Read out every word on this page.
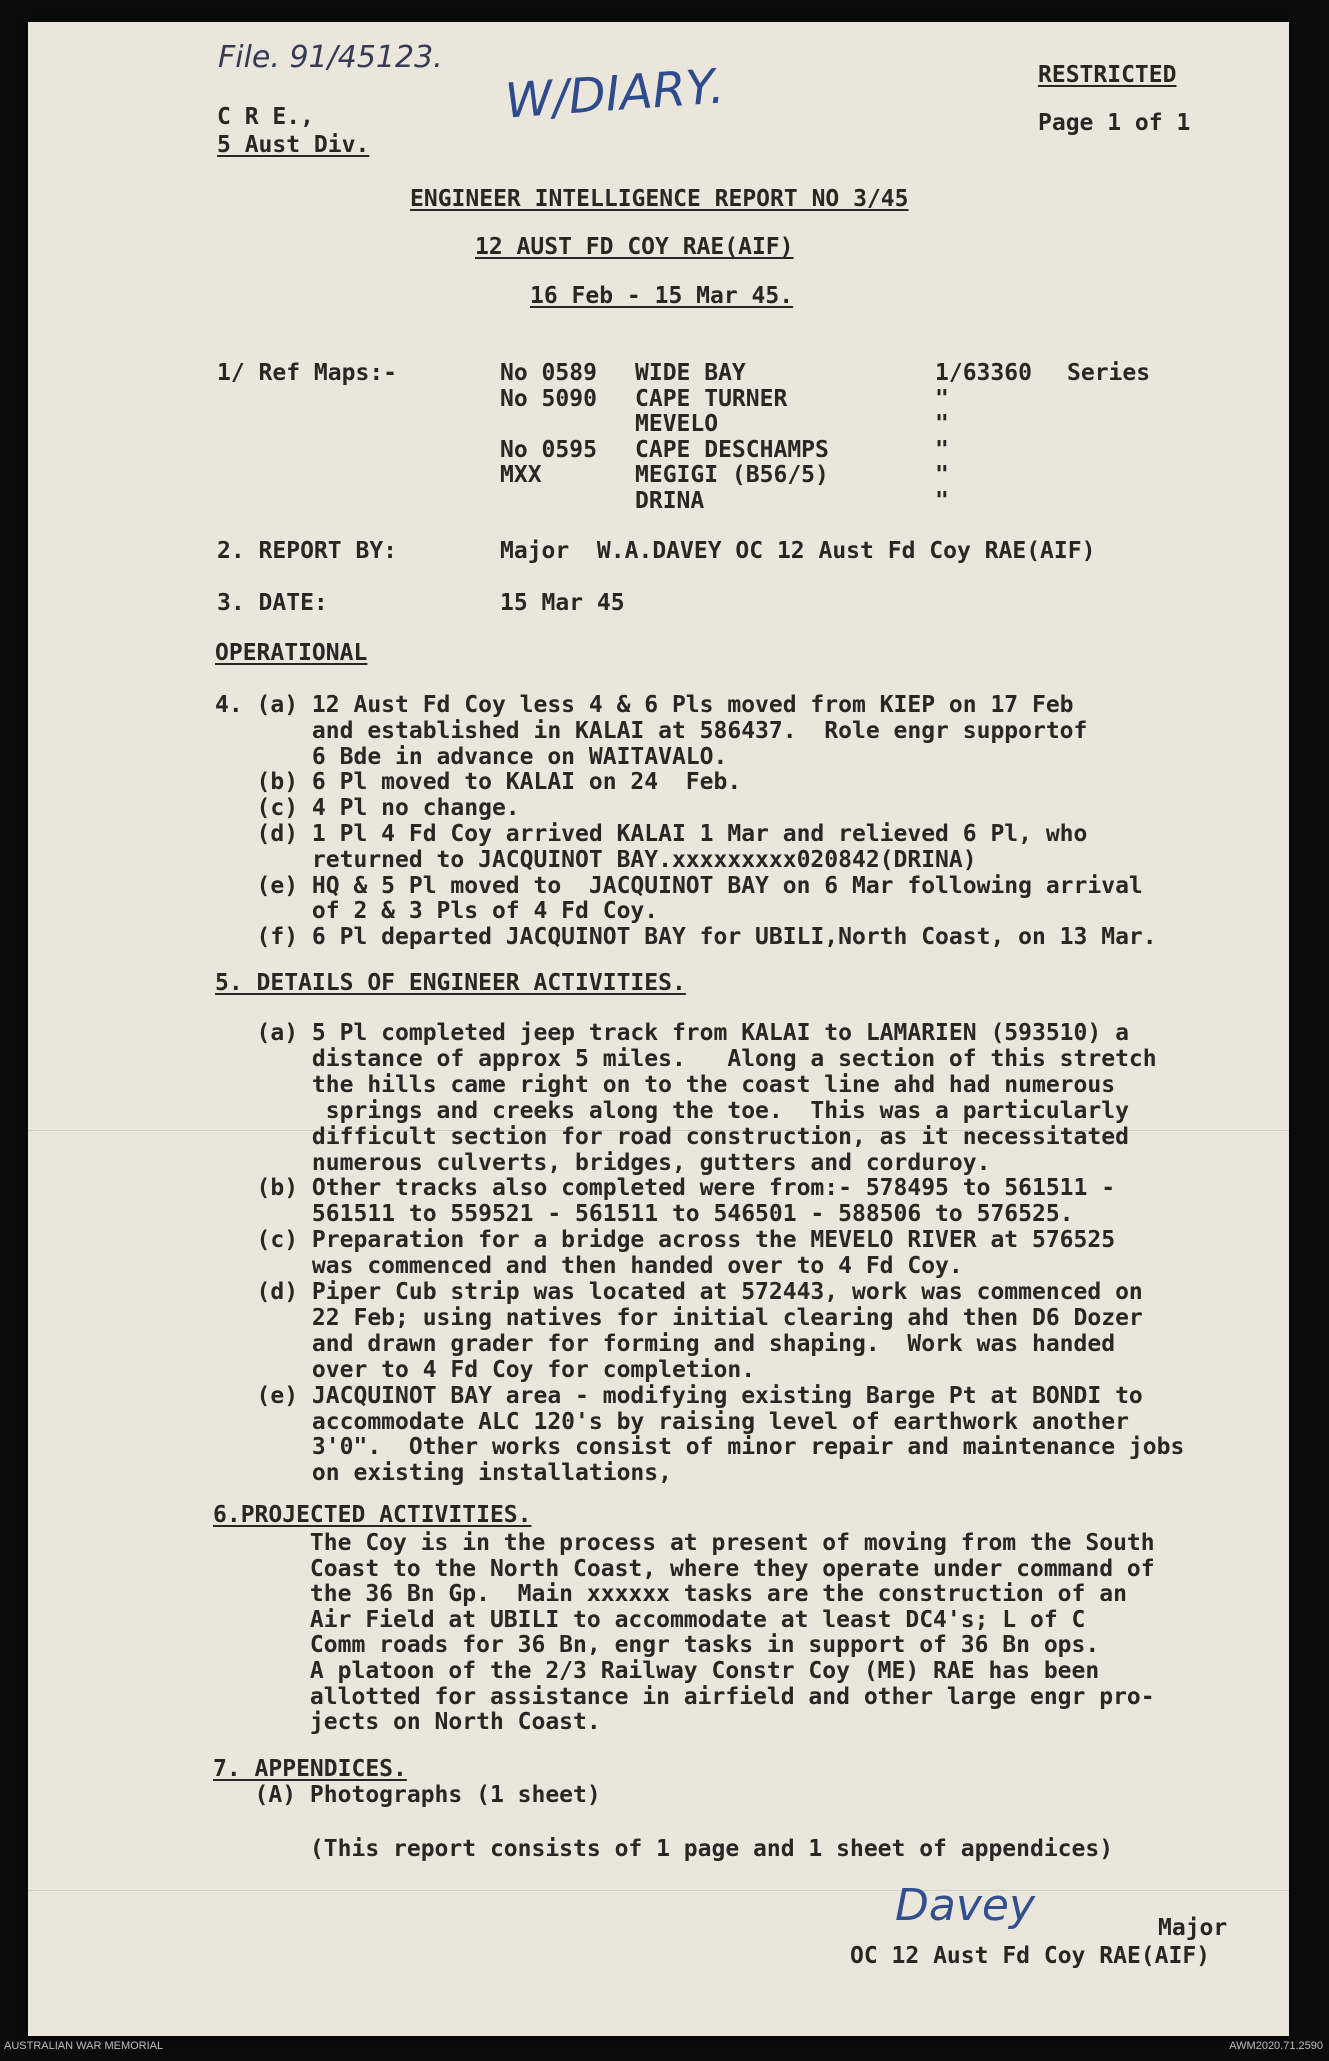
File. 91/45123.
W/DIARY.	RESTRICTED
Page 1 of 1
C R E.,
5 Aust Div.
ENGINEER INTELLIGENCE REPORT NO 3/45
12 AUST FD COY RAE(AIF)
16 Feb - 15 Mar 45.
1/ Ref Maps:-	No 0589 WIDE BAY	1/63360 Series
No 5090 CAPE TURNER	"
MEVELO	"
No 0595 CAPE DESCHAMPS	"
MXX	MEGIGI (B56/5)	"
DRINA	"
2. REPORT BY:	Major  W.A.DAVEY OC 12 Aust Fd Coy RAE(AIF)
3. DATE:	15 Mar 45
OPERATIONAL
4. (a) 12 Aust Fd Coy less 4 & 6 Pls moved from KIEP on 17 Feb
and established in KALAI at 586437.  Role engr supportof
6 Bde in advance on WAITAVALO.
(b) 6 Pl moved to KALAI on 24  Feb.
(c) 4 Pl no change.
(d) 1 Pl 4 Fd Coy arrived KALAI 1 Mar and relieved 6 Pl, who
returned to JACQUINOT BAY.xxxxxxxxx020842(DRINA)
(e) HQ & 5 Pl moved to  JACQUINOT BAY on 6 Mar following arrival
of 2 & 3 Pls of 4 Fd Coy.
(f) 6 Pl departed JACQUINOT BAY for UBILI,North Coast, on 13 Mar.
5. DETAILS OF ENGINEER ACTIVITIES.
(a) 5 Pl completed jeep track from KALAI to LAMARIEN (593510) a
distance of approx 5 miles.   Along a section of this stretch
the hills came right on to the coast line ahd had numerous
springs and creeks along the toe.  This was a particularly
difficult section for road construction, as it necessitated
numerous culverts, bridges, gutters and corduroy.
(b) Other tracks also completed were from:- 578495 to 561511 -
561511 to 559521 - 561511 to 546501 - 588506 to 576525.
(c) Preparation for a bridge across the MEVELO RIVER at 576525
was commenced and then handed over to 4 Fd Coy.
(d) Piper Cub strip was located at 572443, work was commenced on
22 Feb; using natives for initial clearing ahd then D6 Dozer
and drawn grader for forming and shaping.  Work was handed
over to 4 Fd Coy for completion.
(e) JACQUINOT BAY area - modifying existing Barge Pt at BONDI to
accommodate ALC 120's by raising level of earthwork another
3'0".  Other works consist of minor repair and maintenance jobs
on existing installations,
6.PROJECTED ACTIVITIES.
The Coy is in the process at present of moving from the South
Coast to the North Coast, where they operate under command of
the 36 Bn Gp.  Main xxxxxx tasks are the construction of an
Air Field at UBILI to accommodate at least DC4's; L of C
Comm roads for 36 Bn, engr tasks in support of 36 Bn ops.
A platoon of the 2/3 Railway Constr Coy (ME) RAE has been
allotted for assistance in airfield and other large engr pro-
jects on North Coast.
7. APPENDICES.
(A) Photographs (1 sheet)
(This report consists of 1 page and 1 sheet of appendices)
Davey	Major
OC 12 Aust Fd Coy RAE(AIF)
AUSTRALIAN WAR MEMORIAL	AWM2020.71.2590
